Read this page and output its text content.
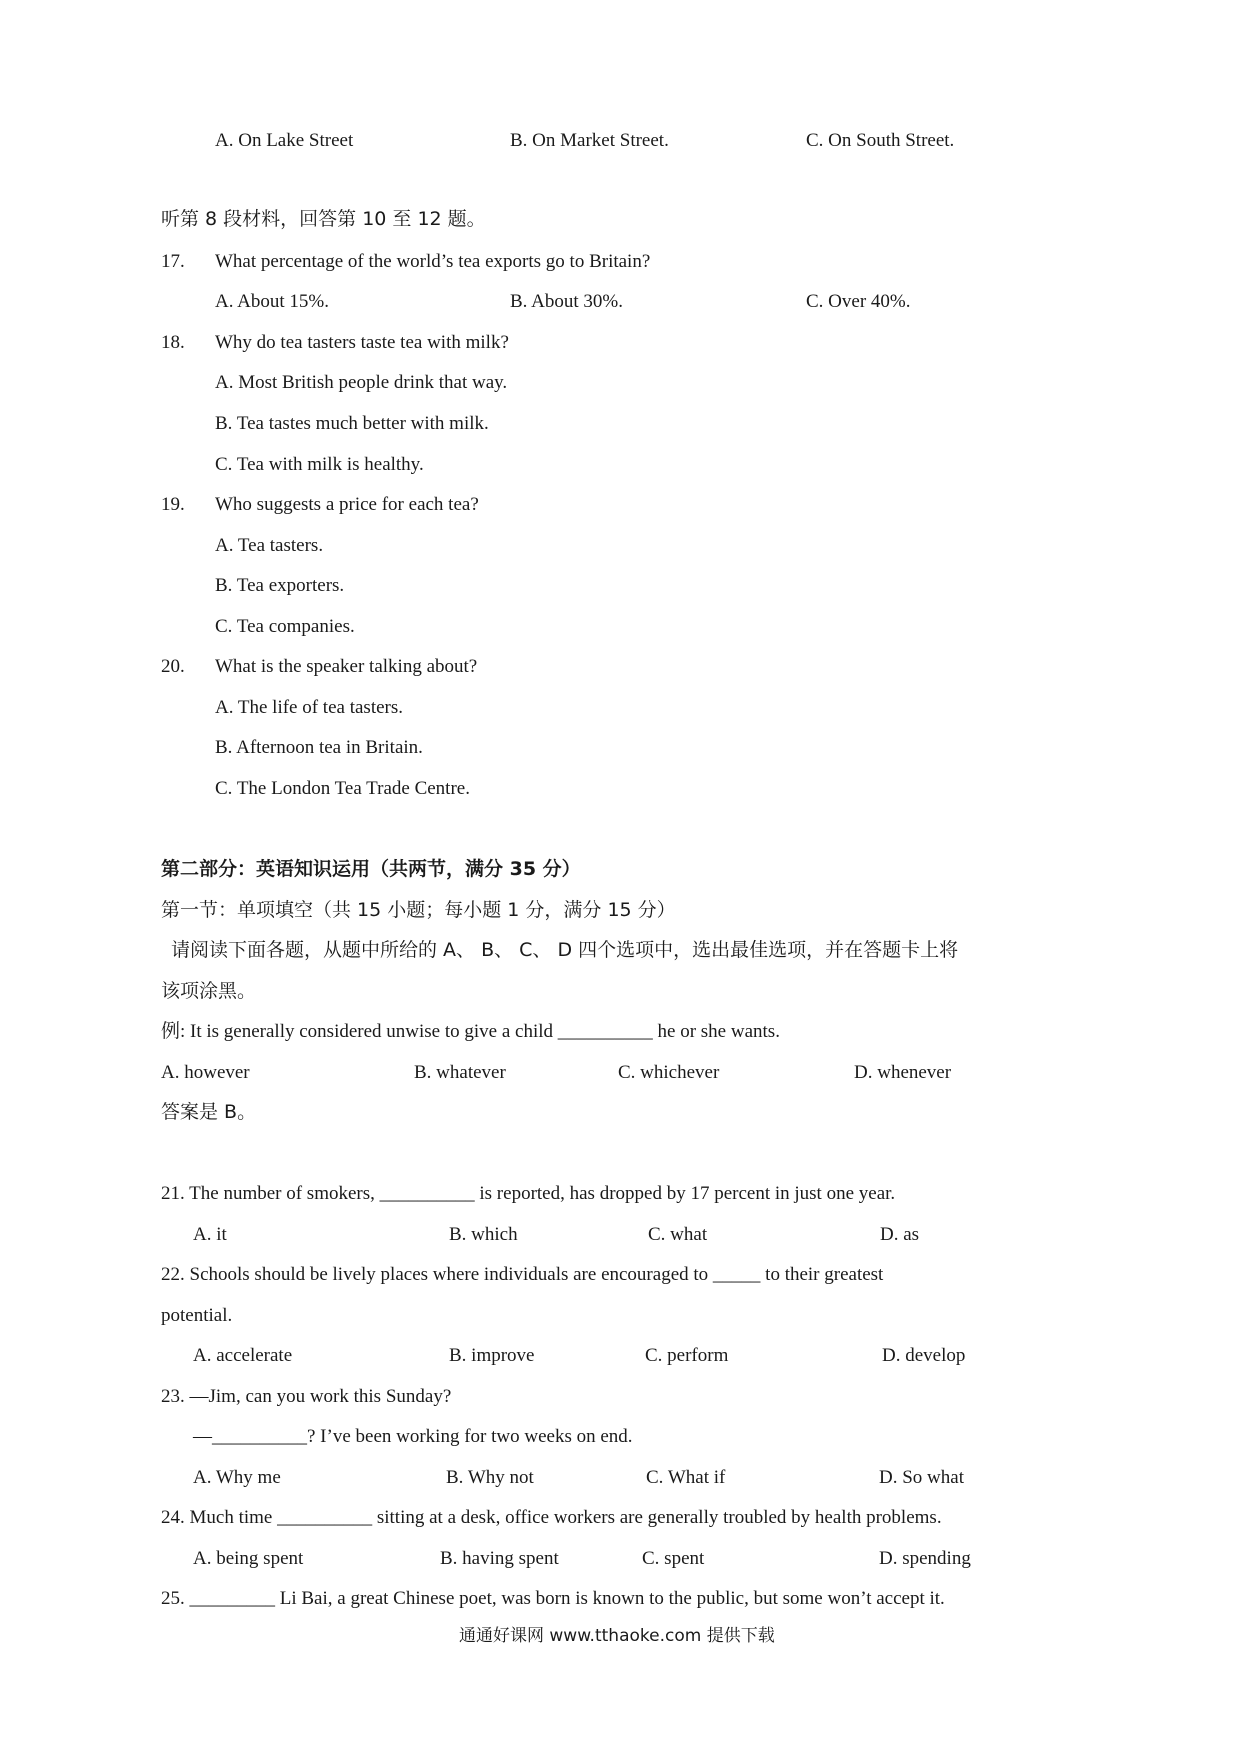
A. On Lake Street	B. On Market Street.	C. On South Street.
听第 8 段材料，回答第 10 至 12 题。
17. What percentage of the world’s tea exports go to Britain?
A. About 15%.	B. About 30%.	C. Over 40%.
18. Why do tea tasters taste tea with milk?
A. Most British people drink that way.
B. Tea tastes much better with milk.
C. Tea with milk is healthy.
19. Who suggests a price for each tea?
A. Tea tasters.
B. Tea exporters.
C. Tea companies.
20. What is the speaker talking about?
A. The life of tea tasters.
B. Afternoon tea in Britain.
C. The London Tea Trade Centre.
第二部分：英语知识运用（共两节，满分 35 分）
第一节：单项填空（共 15 小题；每小题 1 分，满分 15 分）
请阅读下面各题，从题中所给的 A、 B、 C、 D 四个选项中，选出最佳选项，并在答题卡上将
该项涂黑。
例: It is generally considered unwise to give a child __________ he or she wants.
A. however	B. whatever	C. whichever	D. whenever
答案是 B。
21. The number of smokers, __________ is reported, has dropped by 17 percent in just one year.
A. it	B. which	C. what	D. as
22. Schools should be lively places where individuals are encouraged to _____ to their greatest
potential.
A. accelerate	B. improve	C. perform	D. develop
23. —Jim, can you work this Sunday?
—__________? I’ve been working for two weeks on end.
A. Why me	B. Why not	C. What if	D. So what
24. Much time __________ sitting at a desk, office workers are generally troubled by health problems.
A. being spent	B. having spent	C. spent	D. spending
25. _________ Li Bai, a great Chinese poet, was born is known to the public, but some won’t accept it.
通通好课网 www.tthaoke.com 提供下载
